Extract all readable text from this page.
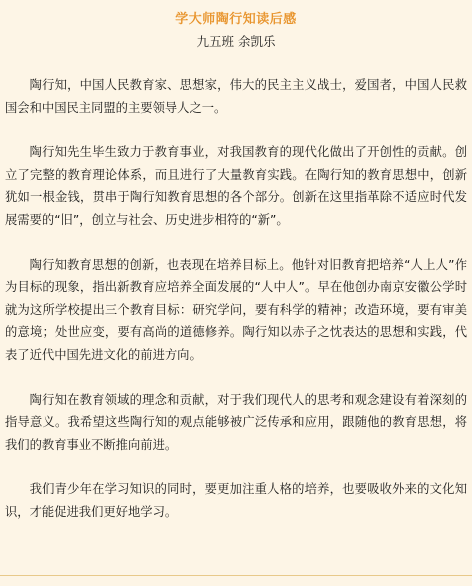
学大师陶行知读后感
九五班 余凯乐

陶行知，中国人民教育家、思想家，伟大的民主主义战士，爱国者，中国人民救国会和中国民主同盟的主要领导人之一。

陶行知先生毕生致力于教育事业，对我国教育的现代化做出了开创性的贡献。创立了完整的教育理论体系，而且进行了大量教育实践。在陶行知的教育思想中，创新犹如一根金钱，贯串于陶行知教育思想的各个部分。创新在这里指革除不适应时代发展需要的“旧”，创立与社会、历史进步相符的“新”。

陶行知教育思想的创新，也表现在培养目标上。他针对旧教育把培养“人上人”作为目标的现象，指出新教育应培养全面发展的“人中人”。早在他创办南京安徽公学时就为这所学校提出三个教育目标：研究学问，要有科学的精神；改造环境，要有审美的意境；处世应变，要有高尚的道德修养。陶行知以赤子之忱表达的思想和实践，代表了近代中国先进文化的前进方向。

陶行知在教育领域的理念和贡献，对于我们现代人的思考和观念建设有着深刻的指导意义。我希望这些陶行知的观点能够被广泛传承和应用，跟随他的教育思想，将我们的教育事业不断推向前进。

我们青少年在学习知识的同时，要更加注重人格的培养，也要吸收外来的文化知识，才能促进我们更好地学习。
